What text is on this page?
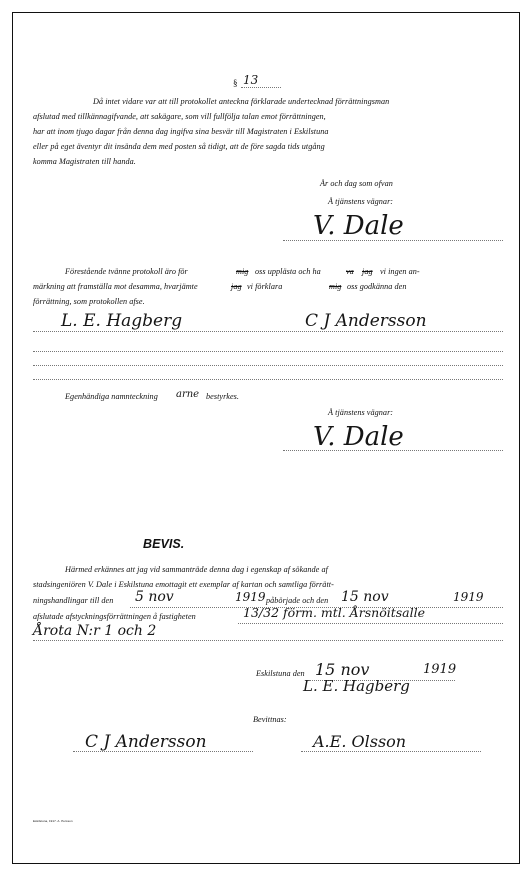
§ 13
Då intet vidare var att till protokollet anteckna förklarade undertecknad förrättningsman
afslutad med tillkännagifvande, att sakägare, som vill fullfölja talan emot förrättningen,
har att inom tjugo dagar från denna dag ingifva sina besvär till Magistraten i Eskilstuna
eller på eget äventyr dit insända dem med posten så tidigt, att de före sagda tids utgång
komma Magistraten till handa.
År och dag som ofvan
Å tjänstens vägnar:
V. Dale
Förestående tvänne protokoll äro för	mig oss upplästa och ha	va jag vi ingen an-
märkning att framställa mot desamma, hvarjämte	jag vi förklara	mig oss godkänna den
förrättning, som protokollen afse.
L. E. Hagberg	C J Andersson
Egenhändiga namnteckning arne bestyrkes.
Å tjänstens vägnar:
V. Dale
BEVIS.
Härmed erkännes att jag vid sammanträde denna dag i egenskap af sökande af
stadsingeniören V. Dale i Eskilstuna emottagit ett exemplar af kartan och samtliga förrätt-
ningshandlingar till den 5 nov	1919 påbörjade och den 15 nov	1919
afslutade afstyckningsförrättningen å fastigheten	13/32 förm. mtl. Årsnöitsalle
Årota N:r 1 och 2
Eskilstuna den 15 nov	1919
L. E. Hagberg
Bevittnas:
C J Andersson	A.E. Olsson
Eskilstuna, 1917. A. Persson
